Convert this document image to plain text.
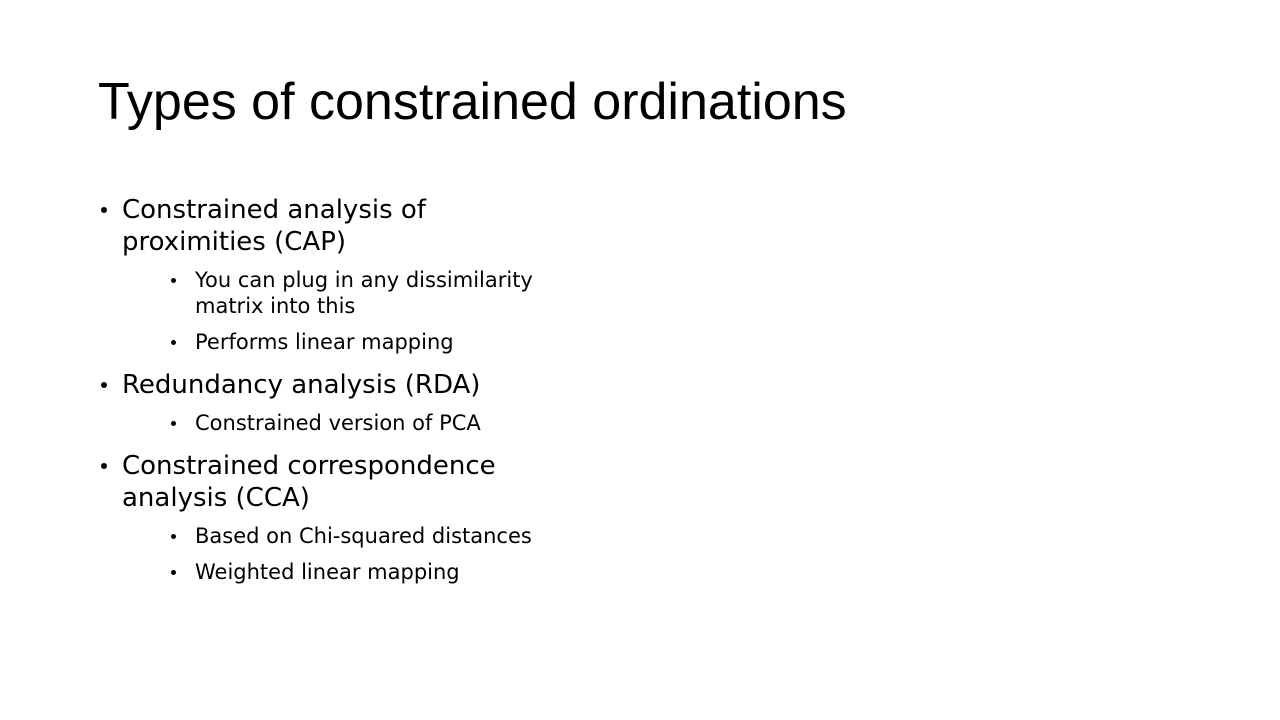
Types of constrained ordinations
Constrained analysis of proximities (CAP)
You can plug in any dissimilarity matrix into this
Performs linear mapping
Redundancy analysis (RDA)
Constrained version of PCA
Constrained correspondence analysis (CCA)
Based on Chi-squared distances
Weighted linear mapping
